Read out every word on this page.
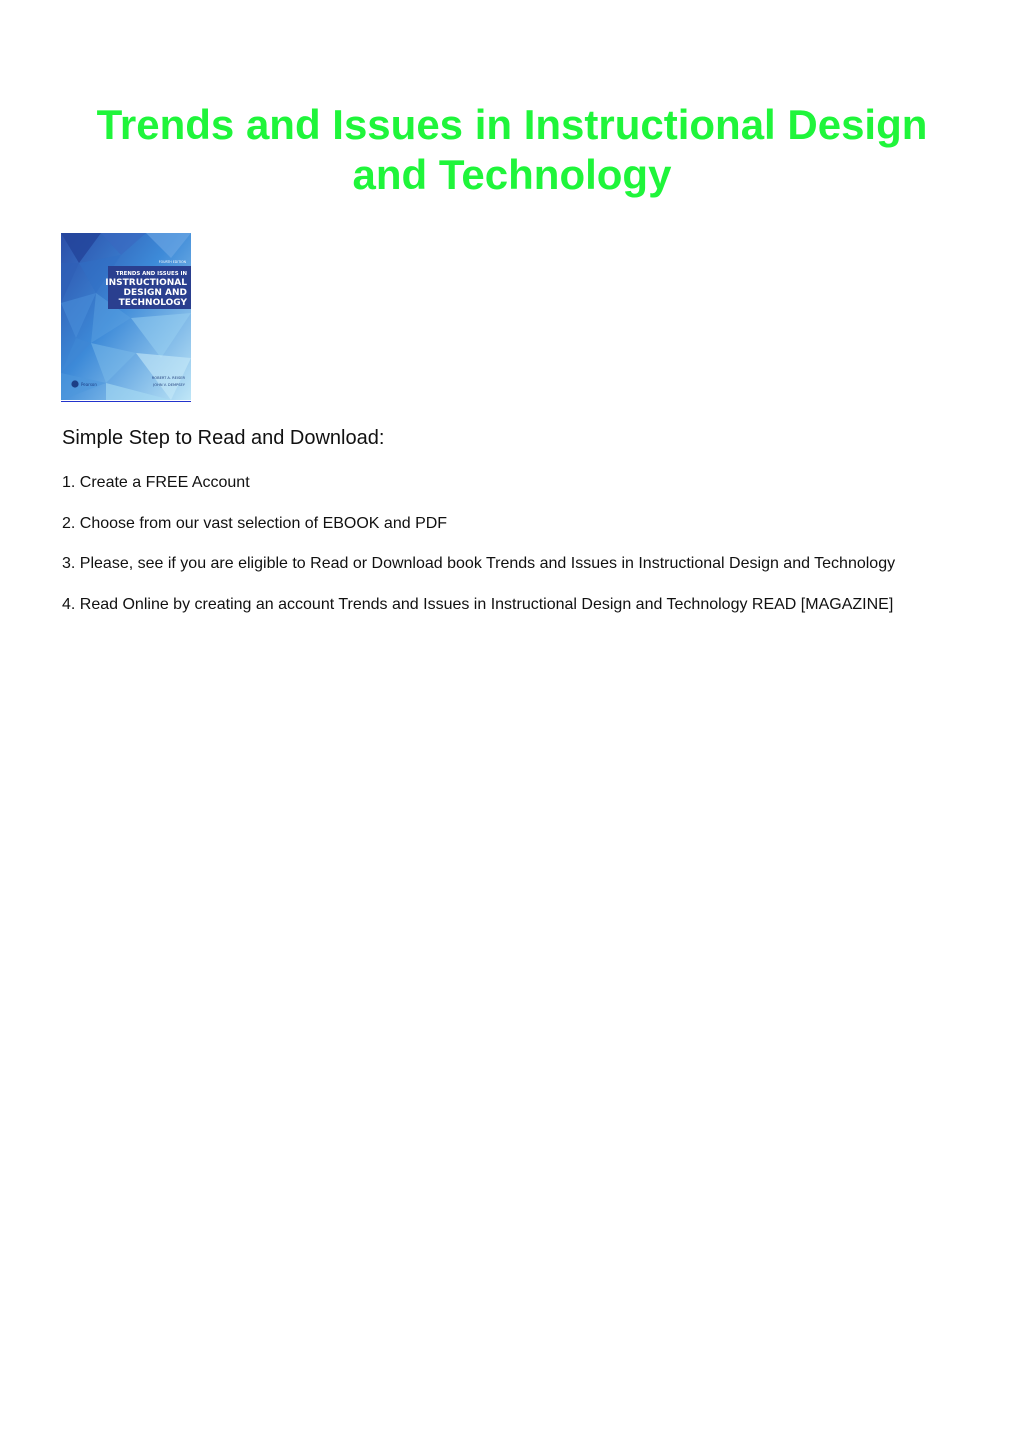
Trends and Issues in Instructional Design and Technology
FOURTH EDITION
TRENDS AND ISSUES IN
INSTRUCTIONAL
DESIGN AND
TECHNOLOGY
ROBERT A. REISER
JOHN V. DEMPSEY
Pearson
Simple Step to Read and Download:
1. Create a FREE Account
2. Choose from our vast selection of EBOOK and PDF
3. Please, see if you are eligible to Read or Download book Trends and Issues in Instructional Design and Technology
4. Read Online by creating an account Trends and Issues in Instructional Design and Technology READ [MAGAZINE]
